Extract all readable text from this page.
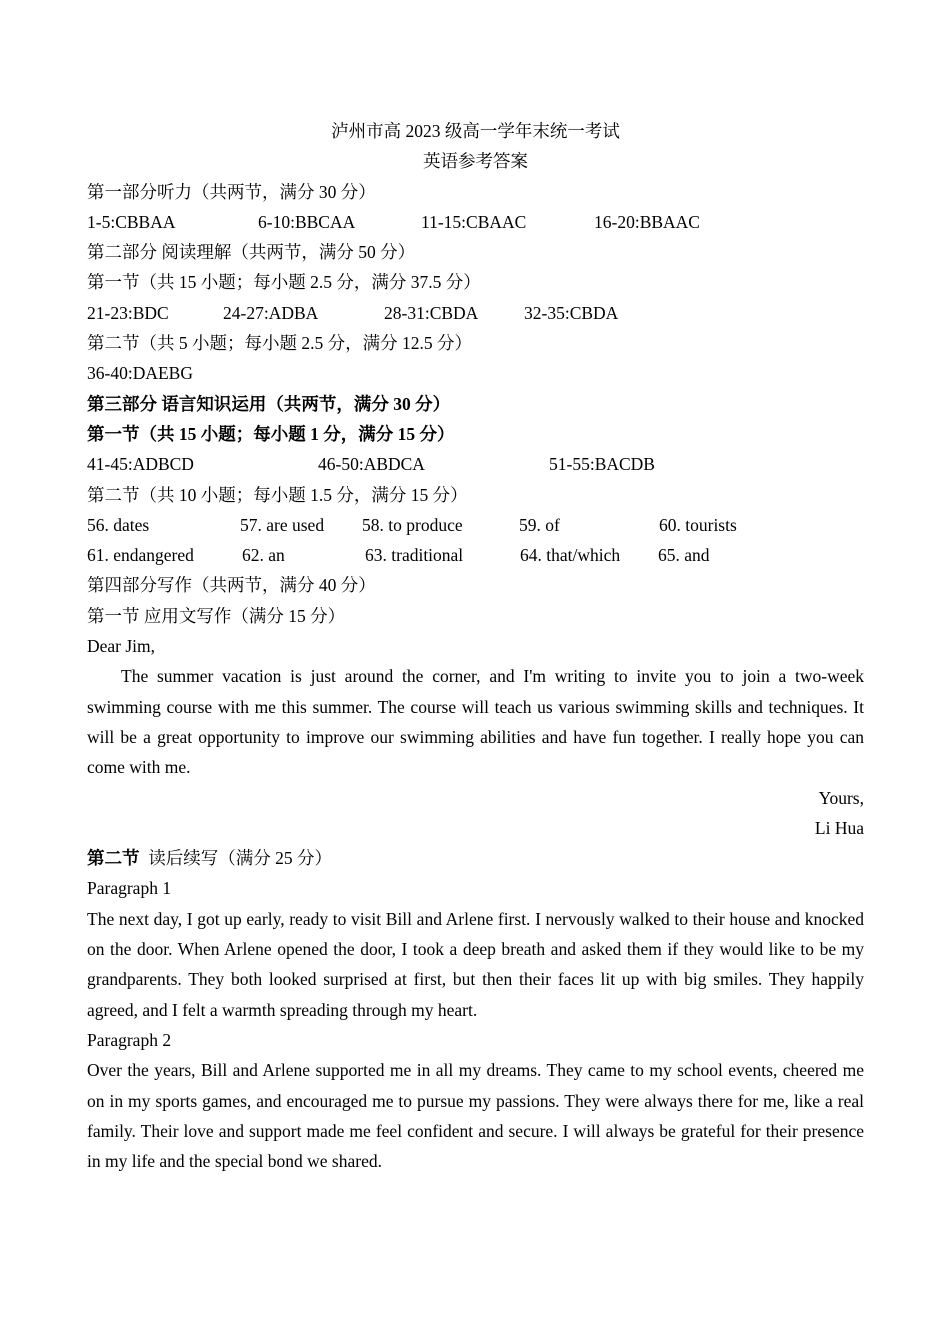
泸州市高 2023 级高一学年末统一考试
英语参考答案
第一部分听力（共两节，满分 30 分）
1-5:CBBAA	6-10:BBCAA	11-15:CBAAC	16-20:BBAAC
第二部分 阅读理解（共两节，满分 50 分）
第一节（共 15 小题；每小题 2.5 分，满分 37.5 分）
21-23:BDC	24-27:ADBA	28-31:CBDA	32-35:CBDA
第二节（共 5 小题；每小题 2.5 分，满分 12.5 分）
36-40:DAEBG
第三部分 语言知识运用（共两节，满分 30 分）
第一节（共 15 小题；每小题 1 分，满分 15 分）
41-45:ADBCD	46-50:ABDCA	51-55:BACDB
第二节（共 10 小题；每小题 1.5 分，满分 15 分）
56. dates	57. are used 58. to produce	59. of	60. tourists
61. endangered	62. an	63. traditional	64. that/which 65. and
第四部分写作（共两节，满分 40 分）
第一节 应用文写作（满分 15 分）
Dear Jim,

The summer vacation is just around the corner, and I'm writing to invite you to join a two-week swimming course with me this summer. The course will teach us various swimming skills and techniques. It will be a great opportunity to improve our swimming abilities and have fun together. I really hope you can come with me.

Yours,
Li Hua
第二节  读后续写（满分 25 分）
Paragraph 1

The next day, I got up early, ready to visit Bill and Arlene first. I nervously walked to their house and knocked on the door. When Arlene opened the door, I took a deep breath and asked them if they would like to be my grandparents. They both looked surprised at first, but then their faces lit up with big smiles. They happily agreed, and I felt a warmth spreading through my heart.

Paragraph 2

Over the years, Bill and Arlene supported me in all my dreams. They came to my school events, cheered me on in my sports games, and encouraged me to pursue my passions. They were always there for me, like a real family. Their love and support made me feel confident and secure. I will always be grateful for their presence in my life and the special bond we shared.
